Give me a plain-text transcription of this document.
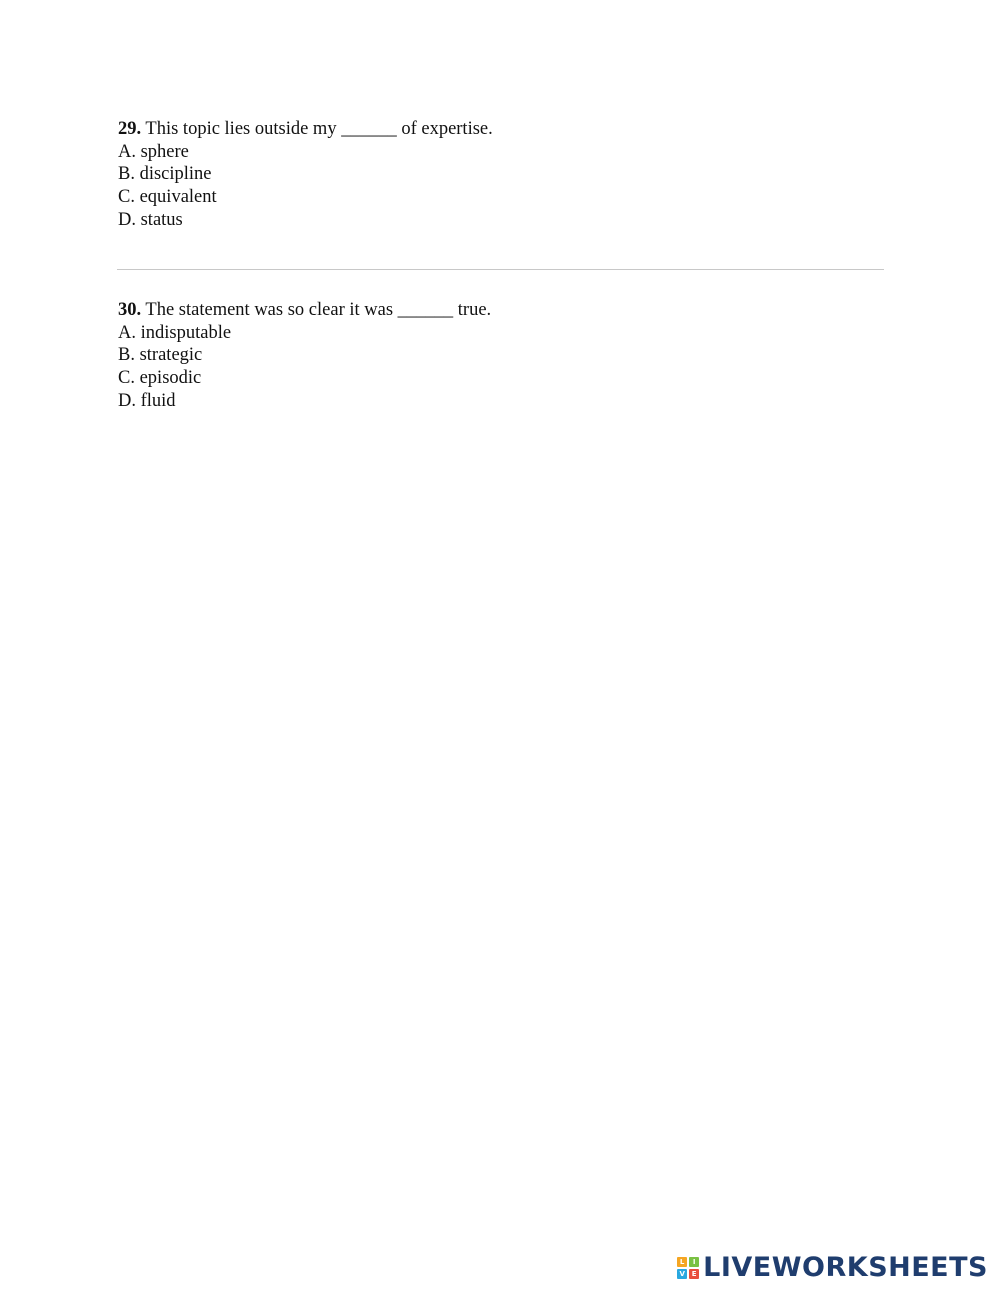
29. This topic lies outside my ______ of expertise.
A. sphere
B. discipline
C. equivalent
D. status
30. The statement was so clear it was ______ true.
A. indisputable
B. strategic
C. episodic
D. fluid
L	I
V E LIVEWORKSHEETS
